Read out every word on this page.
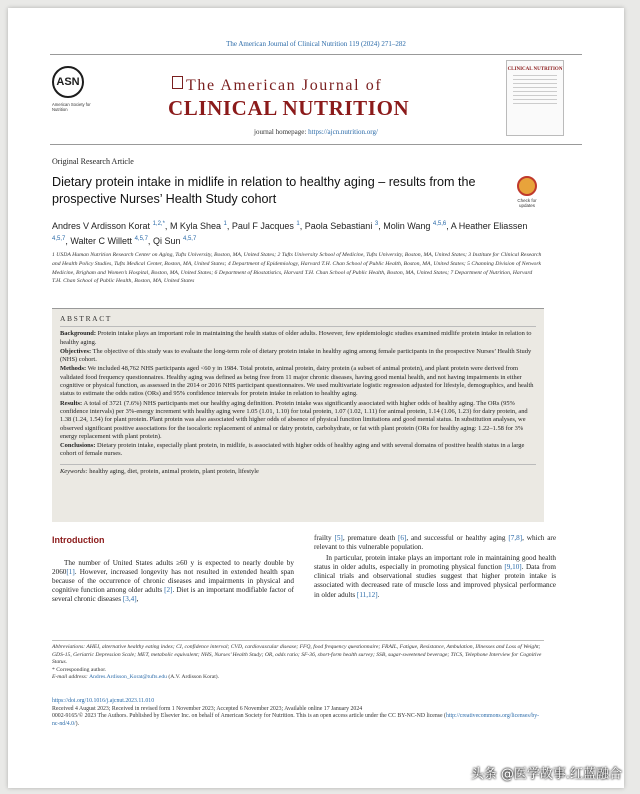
The American Journal of Clinical Nutrition 119 (2024) 271–282
ASN
American Society for Nutrition
The American Journal of
CLINICAL NUTRITION
journal homepage: https://ajcn.nutrition.org/
CLINICAL NUTRITION
Original Research Article
Dietary protein intake in midlife in relation to healthy aging – results from the prospective Nurses’ Health Study cohort	Check for updates
Andres V Ardisson Korat $^{1,2,*}$, M Kyla Shea $^1$, Paul F Jacques $^1$, Paola Sebastiani $^3$, Molin Wang $^{4,5,6}$, A Heather Eliassen $^{4,5,7}$, Walter C Willett $^{4,5,7}$, Qi Sun $^{4,5,7}$
1 USDA Human Nutrition Research Center on Aging, Tufts University, Boston, MA, United States; 2 Tufts University School of Medicine, Tufts University, Boston, MA, United States; 3 Institute for Clinical Research and Health Policy Studies, Tufts Medical Center, Boston, MA, United States; 4 Department of Epidemiology, Harvard T.H. Chan School of Public Health, Boston, MA, United States; 5 Channing Division of Network Medicine, Brigham and Women’s Hospital, Boston, MA, United States; 6 Department of Biostatistics, Harvard T.H. Chan School of Public Health, Boston, MA, United States; 7 Department of Nutrition, Harvard T.H. Chan School of Public Health, Boston, MA, United States
ABSTRACT

Background: Protein intake plays an important role in maintaining the health status of older adults. However, few epidemiologic studies examined midlife protein intake in relation to healthy aging.

Objectives: The objective of this study was to evaluate the long-term role of dietary protein intake in healthy aging among female participants in the prospective Nurses’ Health Study (NHS) cohort.

Methods: We included 48,762 NHS participants aged <60 y in 1984. Total protein, animal protein, dairy protein (a subset of animal protein), and plant protein were derived from validated food frequency questionnaires. Healthy aging was defined as being free from 11 major chronic diseases, having good mental health, and not having impairments in either cognitive or physical function, as assessed in the 2014 or 2016 NHS participant questionnaires. We used multivariate logistic regression adjusted for lifestyle, demographics, and health status to estimate the odds ratios (ORs) and 95% confidence intervals for protein intake in relation to healthy aging.

Results: A total of 3721 (7.6%) NHS participants met our healthy aging definition. Protein intake was significantly associated with higher odds of healthy aging. The ORs (95% confidence intervals) per 3%-energy increment with healthy aging were 1.05 (1.01, 1.10) for total protein, 1.07 (1.02, 1.11) for animal protein, 1.14 (1.06, 1.23) for dairy protein, and 1.38 (1.24, 1.54) for plant protein. Plant protein was also associated with higher odds of absence of physical function limitations and good mental status. In substitution analyses, we observed significant positive associations for the isocaloric replacement of animal or dairy protein, carbohydrate, or fat with plant protein (ORs for healthy aging: 1.22–1.58 for 3% energy replacement with plant protein).

Conclusions: Dietary protein intake, especially plant protein, in midlife, is associated with higher odds of healthy aging and with several domains of positive health status in a large cohort of female nurses.

Keywords: healthy aging, diet, protein, animal protein, plant protein, lifestyle

Introduction

The number of United States adults ≥60 y is expected to nearly double by 2060[1]. However, increased longevity has not resulted in extended health span because of the occurrence of chronic diseases and impairments in physical and cognitive function among older adults [2]. Diet is an important modifiable factor of several chronic diseases [3,4],

frailty [5], premature death [6], and successful or healthy aging [7,8], which are relevant to this vulnerable population.

In particular, protein intake plays an important role in maintaining good health status in older adults, especially in promoting physical function [9,10]. Data from clinical trials and observational studies suggest that higher protein intake is associated with decreased rate of muscle loss and improved physical performance in older adults [11,12].

Abbreviations: AHEI, alternative healthy eating index; CI, confidence interval; CVD, cardiovascular disease; FFQ, food frequency questionnaire; FRAIL, Fatigue, Resistance, Ambulation, Illnesses and Loss of Weight; GDS-15, Geriatric Depression Scale; MET, metabolic equivalent; NHS, Nurses’ Health Study; OR, odds ratio; SF-36, short-form health survey; SSB, sugar-sweetened beverage; TICS, Telephone Interview for Cognitive Status.

* Corresponding author.

E-mail address: Andres.Ardisson_Korat@tufts.edu (A.V. Ardisson Korat).

https://doi.org/10.1016/j.ajcnut.2023.11.010
Received 4 August 2023; Received in revised form 1 November 2023; Accepted 6 November 2023; Available online 17 January 2024
0002-9165/© 2023 The Authors. Published by Elsevier Inc. on behalf of American Society for Nutrition. This is an open access article under the CC BY-NC-ND license (http://creativecommons.org/licenses/by-nc-nd/4.0/).
头条 @医学故事.红蓝融合
